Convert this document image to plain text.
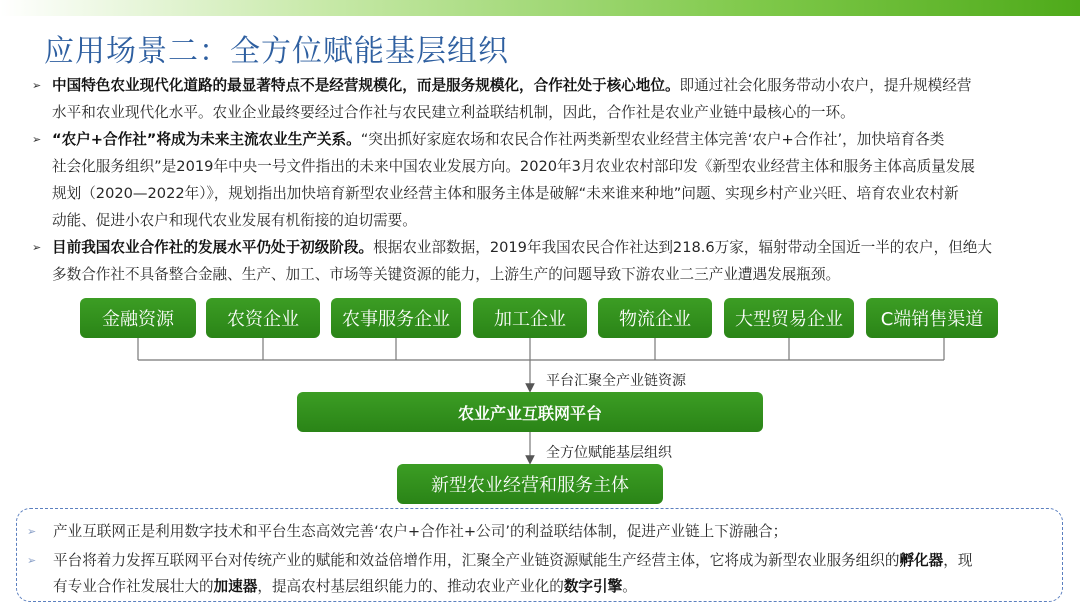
应用场景二：全方位赋能基层组织
➢ 中国特色农业现代化道路的最显著特点不是经营规模化，而是服务规模化，合作社处于核心地位。即通过社会化服务带动小农户，提升规模经营
水平和农业现代化水平。农业企业最终要经过合作社与农民建立利益联结机制，因此，合作社是农业产业链中最核心的一环。
➢ “农户+合作社”将成为未来主流农业生产关系。“突出抓好家庭农场和农民合作社两类新型农业经营主体完善‘农户+合作社’，加快培育各类
社会化服务组织”是2019年中央一号文件指出的未来中国农业发展方向。2020年3月农业农村部印发《新型农业经营主体和服务主体高质量发展
规划（2020—2022年）》，规划指出加快培育新型农业经营主体和服务主体是破解“未来谁来种地”问题、实现乡村产业兴旺、培育农业农村新
动能、促进小农户和现代农业发展有机衔接的迫切需要。
➢ 目前我国农业合作社的发展水平仍处于初级阶段。根据农业部数据，2019年我国农民合作社达到218.6万家，辐射带动全国近一半的农户，但绝大
多数合作社不具备整合金融、生产、加工、市场等关键资源的能力，上游生产的问题导致下游农业二三产业遭遇发展瓶颈。
金融资源	农资企业	农事服务企业	加工企业	物流企业	大型贸易企业	C端销售渠道
平台汇聚全产业链资源
农业产业互联网平台
全方位赋能基层组织
新型农业经营和服务主体
➢	产业互联网正是利用数字技术和平台生态高效完善‘农户+合作社+公司’的利益联结体制，促进产业链上下游融合；
➢	平台将着力发挥互联网平台对传统产业的赋能和效益倍增作用，汇聚全产业链资源赋能生产经营主体，它将成为新型农业服务组织的孵化器，现
有专业合作社发展壮大的加速器，提高农村基层组织能力的、推动农业产业化的数字引擎。
